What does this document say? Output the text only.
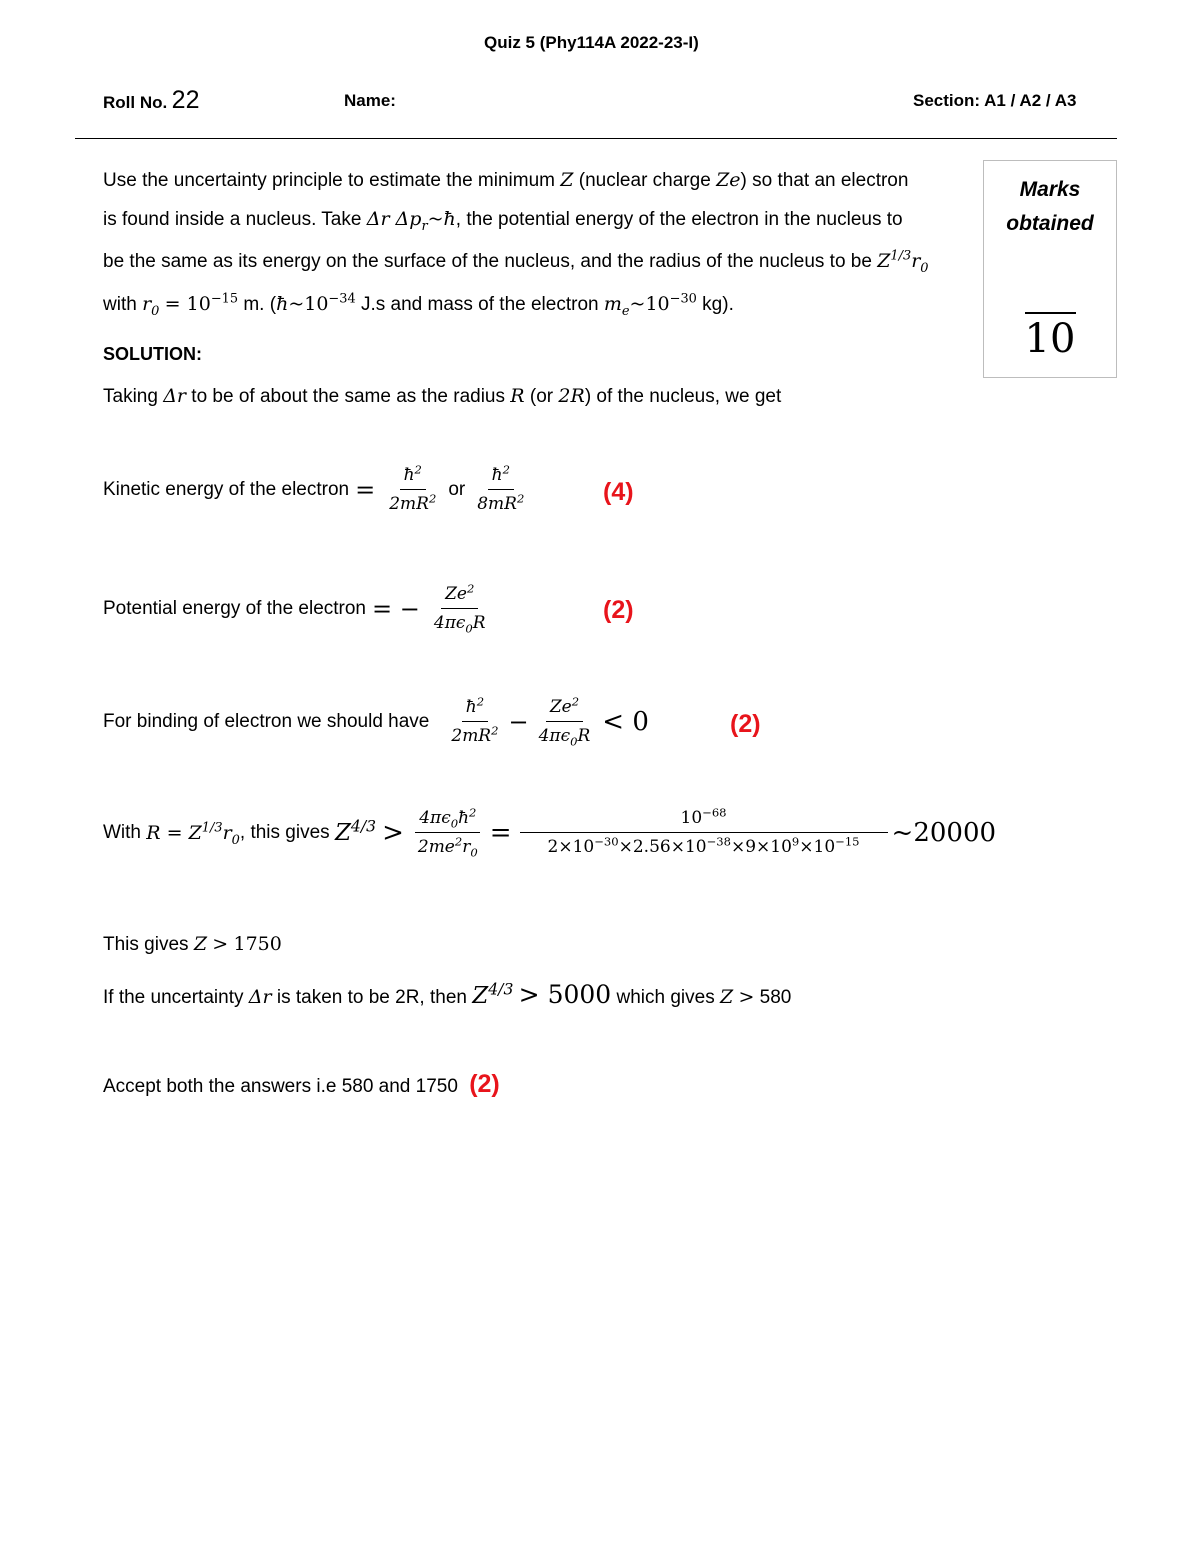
Quiz 5 (Phy114A 2022-23-I)
Roll No. 22	Name:	Section: A1 / A2 / A3
Marks
obtained
10
Use the uncertainty principle to estimate the minimum Z (nuclear charge Ze) so that an electron
is found inside a nucleus. Take Δr $\Delta p_r\sim ħ$, the potential energy of the electron in the nucleus to
be the same as its energy on the surface of the nucleus, and the radius of the nucleus to be $Z^{1/3}r_0$
with $r_0 = 10^{-15}$ m. ($ħ\sim 10^{-34}$ J.s and mass of the electron $m_e\sim 10^{-30}$ kg).
SOLUTION:
Taking Δr to be of about the same as the radius R (or 2R) of the nucleus, we get
Kinetic energy of the electron = $\frac{ħ^2}{2mR^2}$ or $\frac{ħ^2}{8mR^2}$	(4)
Potential energy of the electron = − $\frac{Ze^2}{4\pi\epsilon_0R}$	(2)
For binding of electron we should have $\frac{ħ^2}{2mR^2} - \frac{Ze^2}{4\pi\epsilon_0R} < 0$	(2)
With
$R = Z^{1/3}r_0$ , this gives
$Z^{4/3} > \frac{4\pi\epsilon_0ħ^2}{2me^2r_0} = \frac{10^{-68}}{2\times 10^{-30}\times 2.56\times 10^{-38}\times 9\times 10^9\times 10^{-15}}$ ~20000
This gives Z > 1750
If the uncertainty Δr is taken to be 2R, then $Z^{4/3} > 5000$ which gives Z > 580
Accept both the answers i.e 580 and 1750 (2)
